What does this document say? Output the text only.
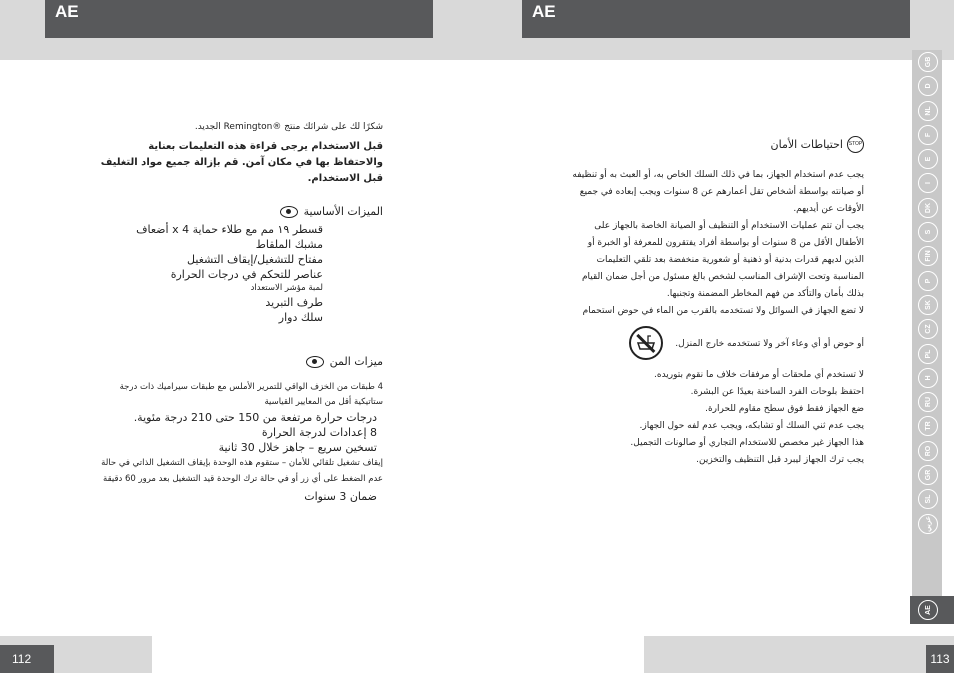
AE	AE

شكرًا لك على شرائك منتج ®Remington الجديد.

قبل الاستخدام يرجى قراءة هذه التعليمات بعناية والاحتفاظ بها في مكان آمن. قم بإزالة جميع مواد التغليف قبل الاستخدام.

الميزات الأساسية
قسطر ١٩ مم مع طلاء حماية x 4 أضعاف
مشبك الملقاط
مفتاح للتشغيل/إيقاف التشغيل
عناصر للتحكم في درجات الحرارة
لمبة مؤشر الاستعداد
طرف التبريد
سلك دوار
ميزات المن
4 طبقات من الخزف الواقي للتمرير الأملس مع طبقات سيراميك ذات درجة ستاتيكية أقل من المعايير القياسية
درجات حرارة مرتفعة من 150 حتى 210 درجة مئوية.
8 إعدادات لدرجة الحرارة
تسخين سريع – جاهز خلال 30 ثانية
إيقاف تشغيل تلقائي للأمان – ستقوم هذه الوحدة بإيقاف التشغيل الذاتي في حالة عدم الضغط على أي زر أو في حالة ترك الوحدة قيد التشغيل بعد مرور 60 دقيقة
ضمان 3 سنوات
STOP
احتياطات الأمان

يجب عدم استخدام الجهاز، بما في ذلك السلك الخاص به، أو العبث به أو تنظيفه أو صيانته بواسطة أشخاص تقل أعمارهم عن 8 سنوات ويجب إبعاده في جميع الأوقات عن أيديهم.

يجب أن تتم عمليات الاستخدام أو التنظيف أو الصيانة الخاصة بالجهاز على الأطفال الأقل من 8 سنوات أو بواسطة أفراد يفتقرون للمعرفة أو الخبرة أو الذين لديهم قدرات بدنية أو ذهنية أو شعورية منخفضة بعد تلقي التعليمات المناسبة وتحت الإشراف المناسب لشخص بالغ مسئول من أجل ضمان القيام بذلك بأمان والتأكد من فهم المخاطر المضمنة وتجنبها.

لا تضع الجهاز في السوائل ولا تستخدمه بالقرب من الماء في حوض استحمام

أو حوض أو أي وعاء آخر ولا تستخدمه خارج المنزل.

لا تستخدم أي ملحقات أو مرفقات خلاف ما نقوم بتوريده.

احتفظ بلوحات الفرد الساخنة بعيدًا عن البشرة.

ضع الجهاز فقط فوق سطح مقاوم للحرارة.

يجب عدم ثني السلك أو تشابكه، ويجب عدم لفه حول الجهاز.

هذا الجهاز غير مخصص للاستخدام التجاري أو صالونات التجميل.

يجب ترك الجهاز ليبرد قبل التنظيف والتخزين.

GB
D
NL
F
E
I
DK
S
FIN
P
SK
CZ
PL
H
RU
TR
RO
GR
SL
عربي
AE
112	113
